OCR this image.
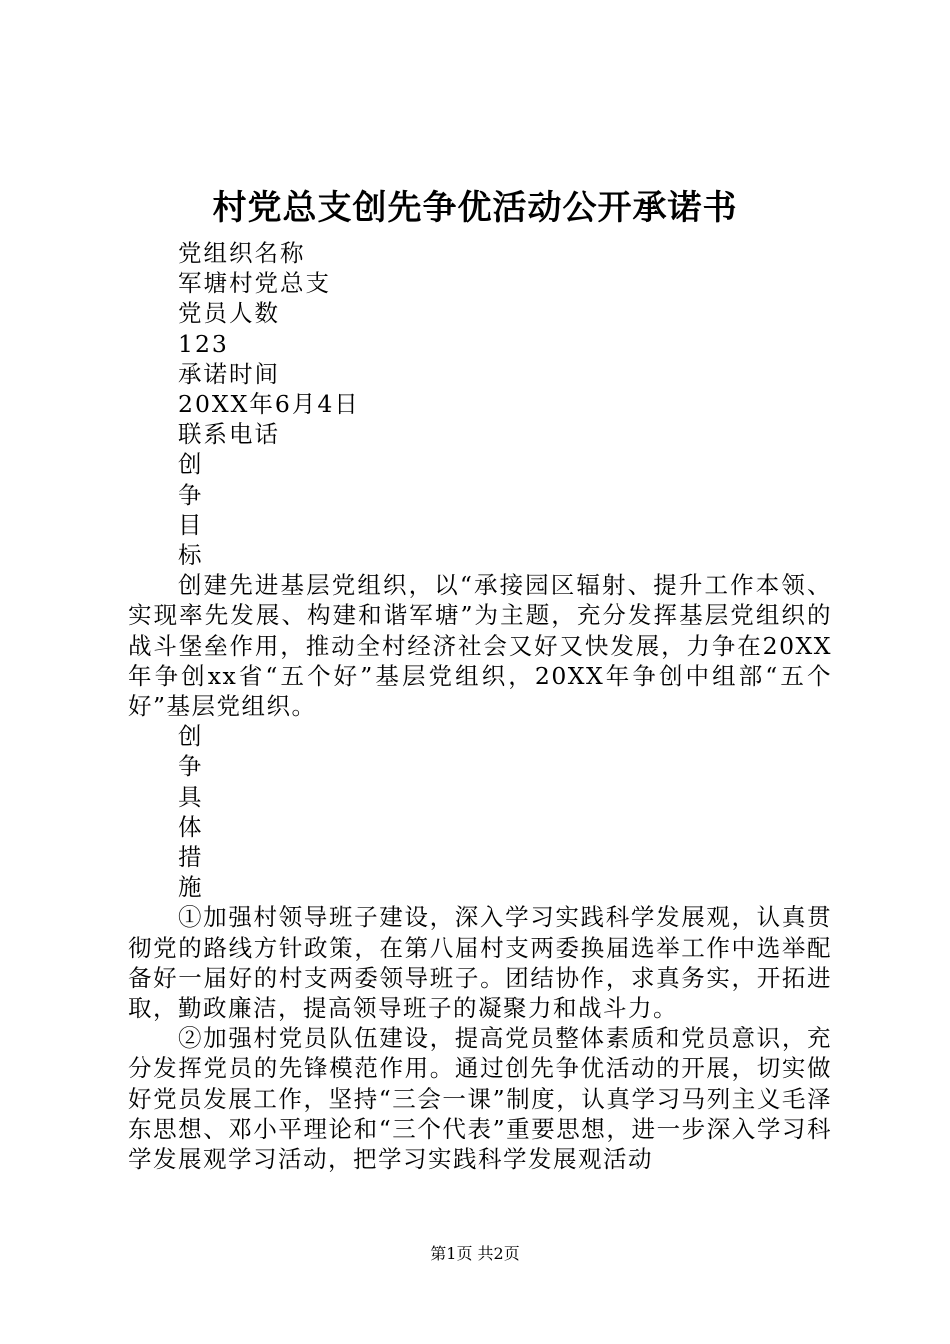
村党总支创先争优活动公开承诺书
党组织名称
军塘村党总支
党员人数
123
承诺时间
20XX年6月4日
联系电话
创
争
目
标

创建先进基层党组织，以“承接园区辐射、提升工作本领、实现率先发展、构建和谐军塘”为主题，充分发挥基层党组织的战斗堡垒作用，推动全村经济社会又好又快发展，力争在20XX年争创xx省“五个好”基层党组织，20XX年争创中组部“五个好”基层党组织。

创
争
具
体
措
施

①加强村领导班子建设，深入学习实践科学发展观，认真贯彻党的路线方针政策，在第八届村支两委换届选举工作中选举配备好一届好的村支两委领导班子。团结协作，求真务实，开拓进取，勤政廉洁，提高领导班子的凝聚力和战斗力。

②加强村党员队伍建设，提高党员整体素质和党员意识，充分发挥党员的先锋模范作用。通过创先争优活动的开展，切实做好党员发展工作，坚持“三会一课”制度，认真学习马列主义毛泽东思想、邓小平理论和“三个代表”重要思想，进一步深入学习科学发展观学习活动，把学习实践科学发展观活动

第1页 共2页
